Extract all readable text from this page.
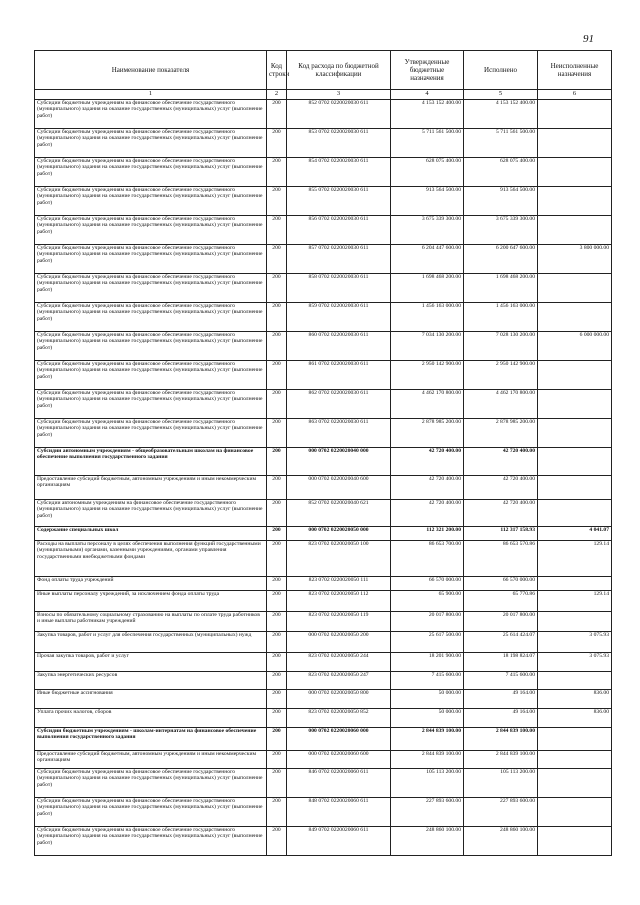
91
Наименование показателя	Код строки	Код расхода по бюджетной классификации	Утвержденные бюджетные назначения	Исполнено	Неисполненные назначения
1	2	3	4	5	6
Субсидии бюджетным учреждениям на финансовое обеспечение государственного (муниципального) задания на оказание государственных (муниципальных) услуг (выполнение работ)	200	852 0702 0220020030 611	4 153 152 400.00	4 153 152 400.00	
Субсидии бюджетным учреждениям на финансовое обеспечение государственного (муниципального) задания на оказание государственных (муниципальных) услуг (выполнение работ)	200	853 0702 0220020030 611	5 711 561 500.00	5 711 561 500.00	
Субсидии бюджетным учреждениям на финансовое обеспечение государственного (муниципального) задания на оказание государственных (муниципальных) услуг (выполнение работ)	200	854 0702 0220020030 611	628 075 400.00	628 075 400.00	
Субсидии бюджетным учреждениям на финансовое обеспечение государственного (муниципального) задания на оказание государственных (муниципальных) услуг (выполнение работ)	200	855 0702 0220020030 611	913 564 500.00	913 564 500.00	
Субсидии бюджетным учреждениям на финансовое обеспечение государственного (муниципального) задания на оказание государственных (муниципальных) услуг (выполнение работ)	200	856 0702 0220020030 611	3 675 339 300.00	3 675 339 300.00	
Субсидии бюджетным учреждениям на финансовое обеспечение государственного (муниципального) задания на оказание государственных (муниципальных) услуг (выполнение работ)	200	857 0702 0220020030 611	6 204 447 600.00	6 200 647 600.00	3 800 000.00
Субсидии бюджетным учреждениям на финансовое обеспечение государственного (муниципального) задания на оказание государственных (муниципальных) услуг (выполнение работ)	200	858 0702 0220020030 611	1 698 468 200.00	1 698 468 200.00	
Субсидии бюджетным учреждениям на финансовое обеспечение государственного (муниципального) задания на оказание государственных (муниципальных) услуг (выполнение работ)	200	859 0702 0220020030 611	1 456 163 000.00	1 456 163 000.00	
Субсидии бюджетным учреждениям на финансовое обеспечение государственного (муниципального) задания на оказание государственных (муниципальных) услуг (выполнение работ)	200	860 0702 0220020030 611	7 034 130 200.00	7 028 130 200.00	6 000 000.00
Субсидии бюджетным учреждениям на финансовое обеспечение государственного (муниципального) задания на оказание государственных (муниципальных) услуг (выполнение работ)	200	861 0702 0220020030 611	2 950 142 900.00	2 950 142 900.00	
Субсидии бюджетным учреждениям на финансовое обеспечение государственного (муниципального) задания на оказание государственных (муниципальных) услуг (выполнение работ)	200	862 0702 0220020030 611	4 462 170 800.00	4 462 170 800.00	
Субсидии бюджетным учреждениям на финансовое обеспечение государственного (муниципального) задания на оказание государственных (муниципальных) услуг (выполнение работ)	200	863 0702 0220020030 611	2 878 985 200.00	2 878 985 200.00	
Субсидии автономным учреждениям - общеобразовательным школам на финансовое обеспечение выполнения государственного задания	200	000 0702 0220020040 000	42 720 400.00	42 720 400.00	
Предоставление субсидий бюджетным, автономным учреждениям и иным некоммерческим организациям	200	000 0702 0220020040 600	42 720 400.00	42 720 400.00	
Субсидии автономным учреждениям на финансовое обеспечение государственного (муниципального) задания на оказание государственных (муниципальных) услуг (выполнение работ)	200	852 0702 0220020040 621	42 720 400.00	42 720 400.00	
Содержание специальных школ	200	000 0702 0220020050 000	112 321 200.00	112 317 158.93	4 041.07
Расходы на выплаты персоналу в целях обеспечения выполнения функций государственными (муниципальными) органами, казенными учреждениями, органами управления государственными внебюджетными фондами	200	823 0702 0220020050 100	86 653 700.00	86 653 570.86	129.14
Фонд оплаты труда учреждений	200	823 0702 0220020050 111	66 570 000.00	66 570 000.00	
Иные выплаты персоналу учреждений, за исключением фонда оплаты труда	200	823 0702 0220020050 112	65 900.00	65 770.86	129.14
Взносы по обязательному социальному страхованию на выплаты по оплате труда работников и иные выплаты работникам учреждений	200	823 0702 0220020050 119	20 017 800.00	20 017 800.00	
Закупка товаров, работ и услуг для обеспечения государственных (муниципальных) нужд	200	000 0702 0220020050 200	25 617 500.00	25 614 424.07	3 075.93
Прочая закупка товаров, работ и услуг	200	823 0702 0220020050 244	18 201 900.00	18 198 824.07	3 075.93
Закупка энергетических ресурсов	200	823 0702 0220020050 247	7 415 600.00	7 415 600.00	
Иные бюджетные ассигнования	200	000 0702 0220020050 800	50 000.00	49 164.00	836.00
Уплата прочих налогов, сборов	200	823 0702 0220020050 852	50 000.00	49 164.00	836.00
Субсидии бюджетным учреждениям - школам-интернатам на финансовое обеспечение выполнения государственного задания	200	000 0702 0220020060 000	2 844 839 100.00	2 844 839 100.00	
Предоставление субсидий бюджетным, автономным учреждениям и иным некоммерческим организациям	200	000 0702 0220020060 600	2 844 839 100.00	2 844 839 100.00	
Субсидии бюджетным учреждениям на финансовое обеспечение государственного (муниципального) задания на оказание государственных (муниципальных) услуг (выполнение работ)	200	846 0702 0220020060 611	105 113 200.00	105 113 200.00	
Субсидии бюджетным учреждениям на финансовое обеспечение государственного (муниципального) задания на оказание государственных (муниципальных) услуг (выполнение работ)	200	848 0702 0220020060 611	227 893 600.00	227 893 600.00	
Субсидии бюджетным учреждениям на финансовое обеспечение государственного (муниципального) задания на оказание государственных (муниципальных) услуг (выполнение работ)	200	849 0702 0220020060 611	248 860 100.00	248 860 100.00	
